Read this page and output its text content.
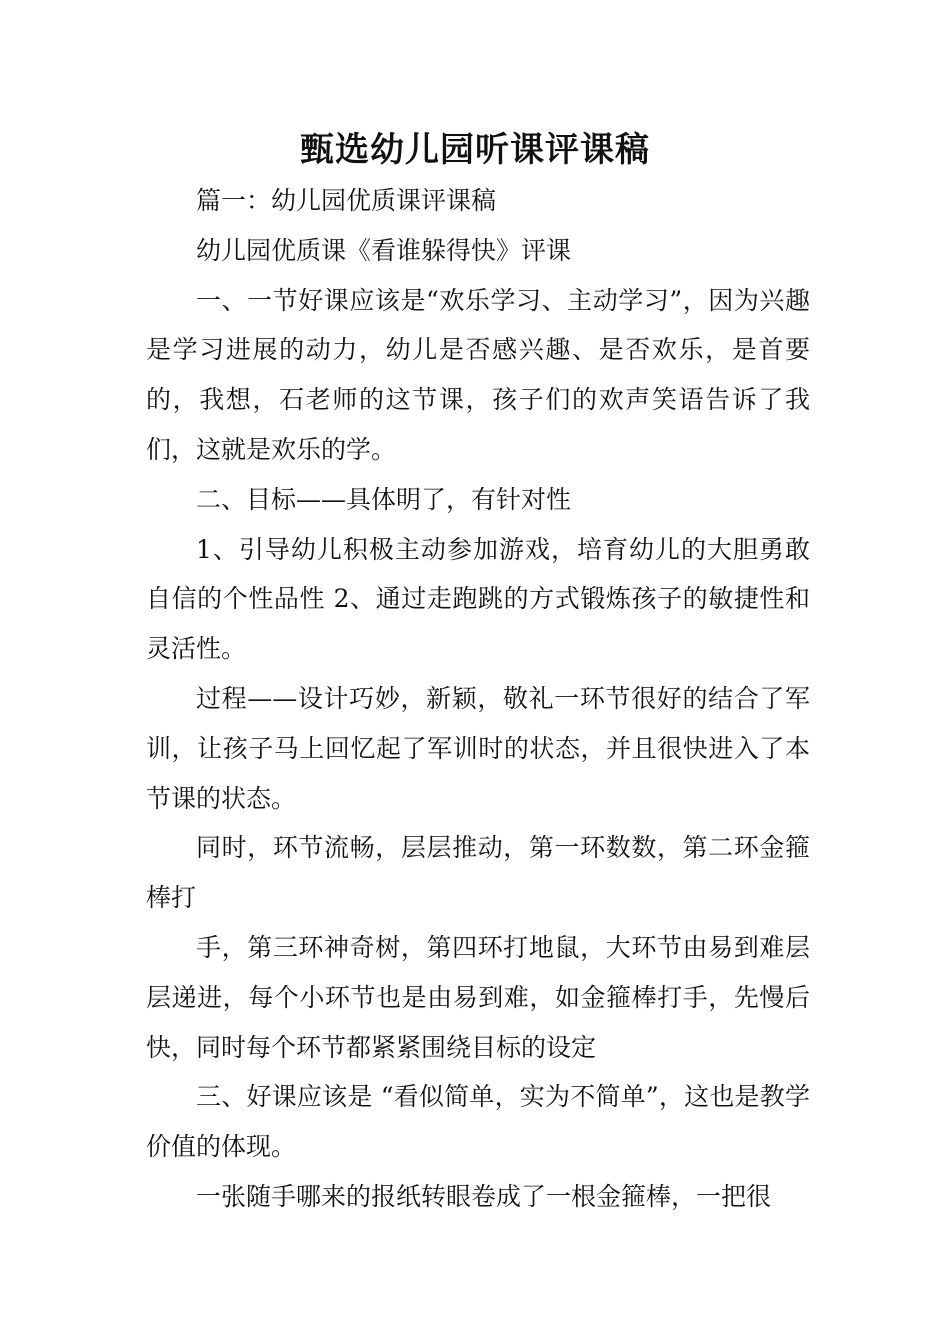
甄选幼儿园听课评课稿

篇一：幼儿园优质课评课稿

幼儿园优质课《看谁躲得快》评课

一、一节好课应该是“欢乐学习、主动学习”，因为兴趣是学习进展的动力，幼儿是否感兴趣、是否欢乐，是首要的，我想，石老师的这节课，孩子们的欢声笑语告诉了我们，这就是欢乐的学。

二、目标——具体明了，有针对性

1、引导幼儿积极主动参加游戏，培育幼儿的大胆勇敢自信的个性品性 2、通过走跑跳的方式锻炼孩子的敏捷性和灵活性。

过程——设计巧妙，新颖，敬礼一环节很好的结合了军训，让孩子马上回忆起了军训时的状态，并且很快进入了本节课的状态。

同时，环节流畅，层层推动，第一环数数，第二环金箍棒打

手，第三环神奇树，第四环打地鼠，大环节由易到难层层递进，每个小环节也是由易到难，如金箍棒打手，先慢后快，同时每个环节都紧紧围绕目标的设定

三、好课应该是 “看似简单，实为不简单”，这也是教学价值的体现。

一张随手哪来的报纸转眼卷成了一根金箍棒，一把很
